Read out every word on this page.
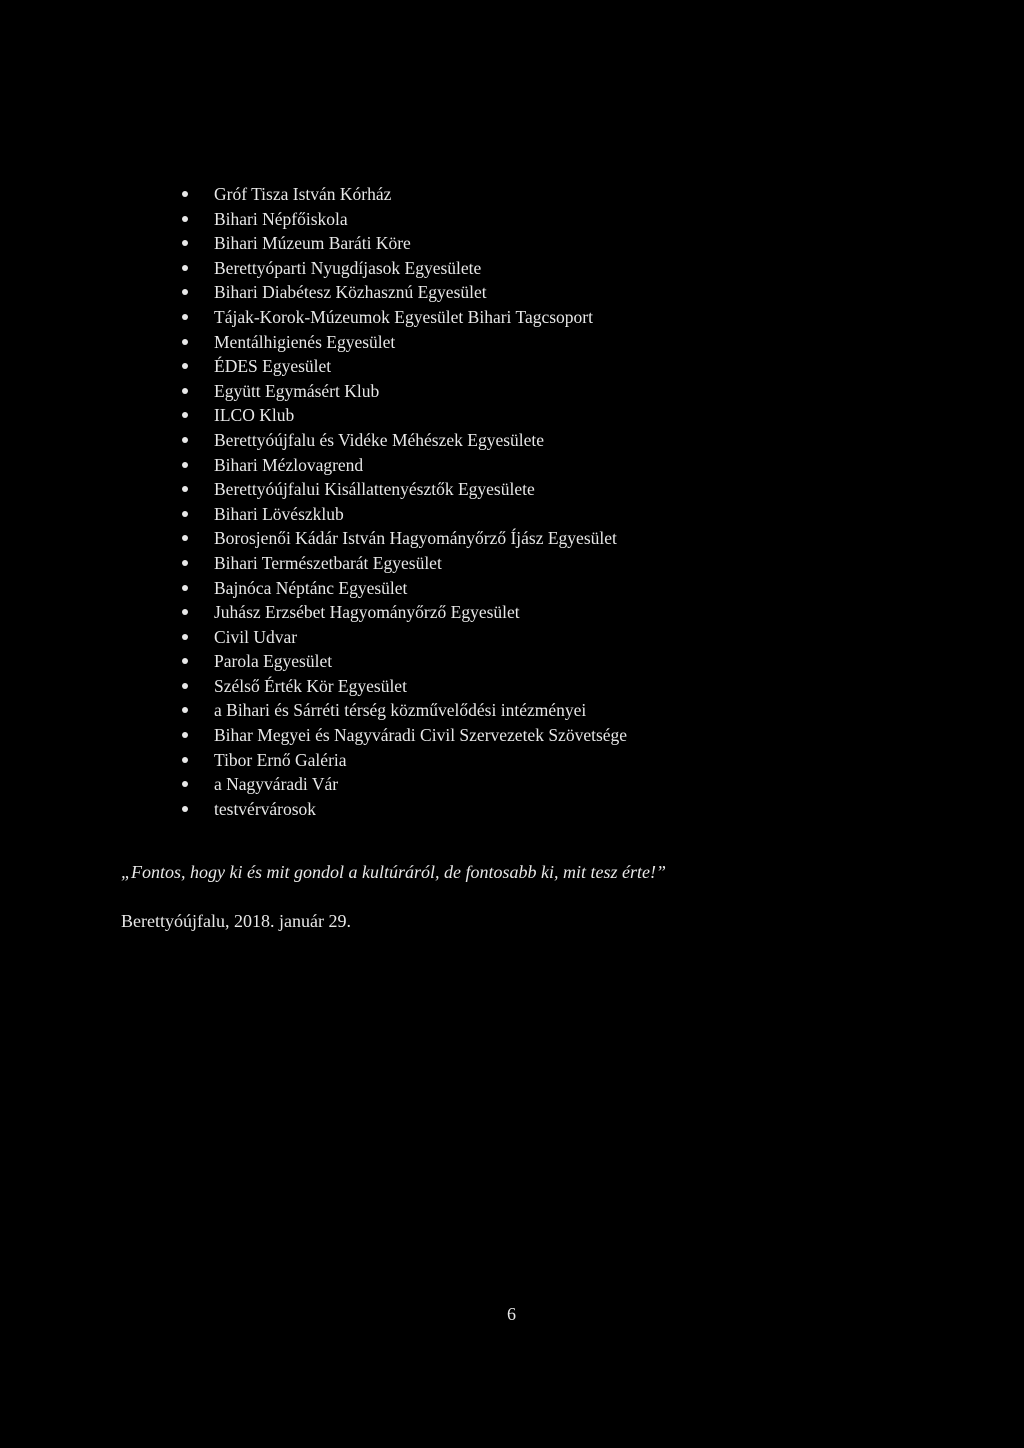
Gróf Tisza István Kórház
Bihari Népfőiskola
Bihari Múzeum Baráti Köre
Berettyóparti Nyugdíjasok Egyesülete
Bihari Diabétesz Közhasznú Egyesület
Tájak-Korok-Múzeumok Egyesület Bihari Tagcsoport
Mentálhigienés Egyesület
ÉDES Egyesület
Együtt Egymásért Klub
ILCO Klub
Berettyóújfalu és Vidéke Méhészek Egyesülete
Bihari Mézlovagrend
Berettyóújfalui Kisállattenyésztők Egyesülete
Bihari Lövészklub
Borosjenői Kádár István Hagyományőrző Íjász Egyesület
Bihari Természetbarát Egyesület
Bajnóca Néptánc Egyesület
Juhász Erzsébet Hagyományőrző Egyesület
Civil Udvar
Parola Egyesület
Szélső Érték Kör Egyesület
a Bihari és Sárréti térség közművelődési intézményei
Bihar Megyei és Nagyváradi Civil Szervezetek Szövetsége
Tibor Ernő Galéria
a Nagyváradi Vár
testvérvárosok
„Fontos, hogy ki és mit gondol a kultúráról, de fontosabb ki, mit tesz érte!”
Berettyóújfalu, 2018. január 29.
6
